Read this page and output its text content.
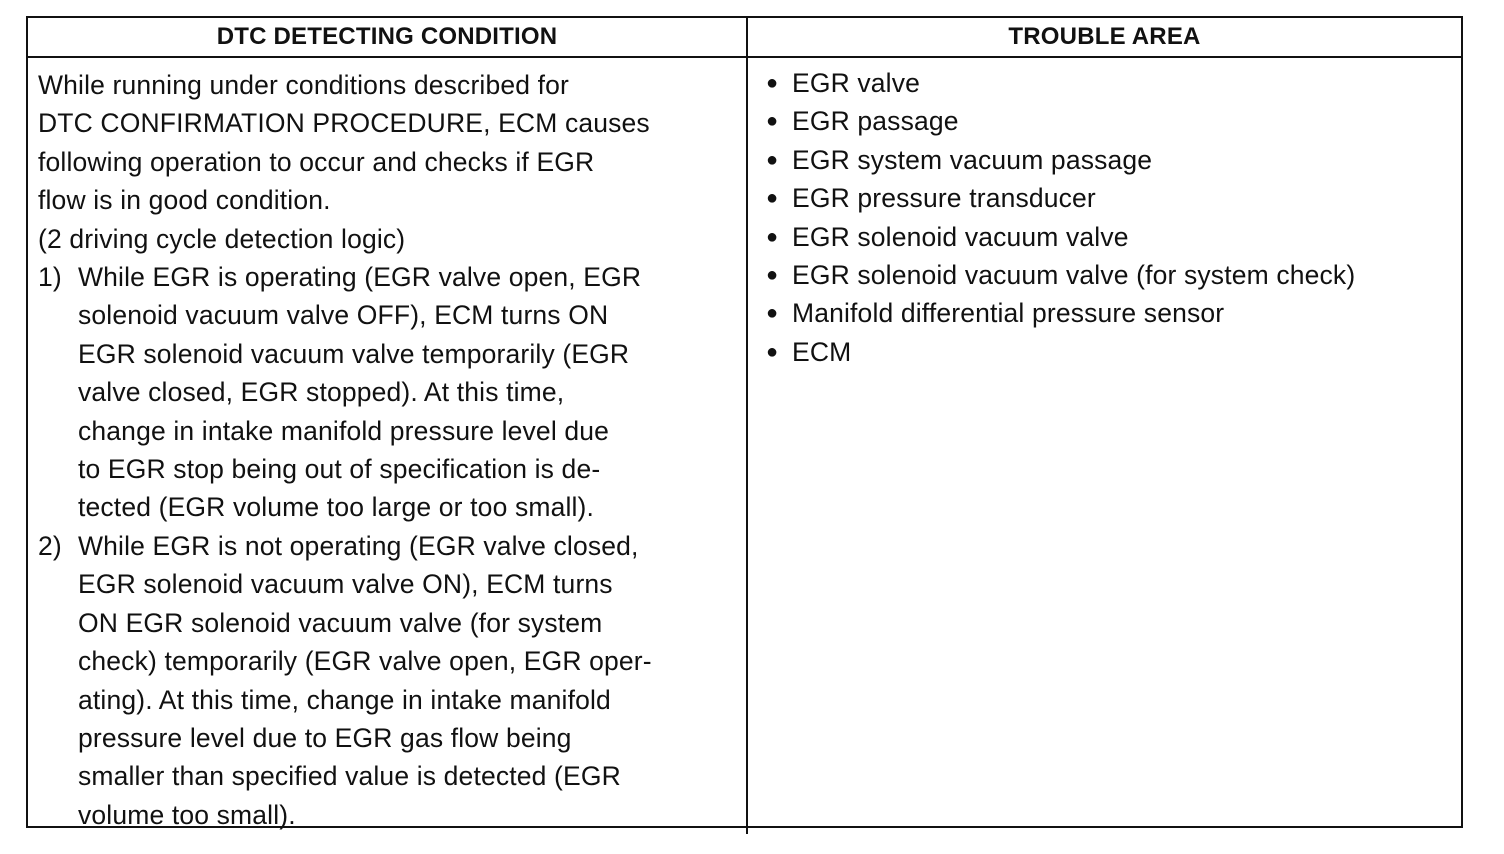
DTC DETECTING CONDITION	TROUBLE AREA
While running under conditions described for
DTC CONFIRMATION PROCEDURE, ECM causes
following operation to occur and checks if EGR
flow is in good condition.
(2 driving cycle detection logic)
1) While EGR is operating (EGR valve open, EGR
solenoid vacuum valve OFF), ECM turns ON
EGR solenoid vacuum valve temporarily (EGR
valve closed, EGR stopped). At this time,
change in intake manifold pressure level due
to EGR stop being out of specification is de-
tected (EGR volume too large or too small).
2) While EGR is not operating (EGR valve closed,
EGR solenoid vacuum valve ON), ECM turns
ON EGR solenoid vacuum valve (for system
check) temporarily (EGR valve open, EGR oper-
ating). At this time, change in intake manifold
pressure level due to EGR gas flow being
smaller than specified value is detected (EGR
volume too small).
● EGR valve
● EGR passage
● EGR system vacuum passage
● EGR pressure transducer
● EGR solenoid vacuum valve
● EGR solenoid vacuum valve (for system check)
● Manifold differential pressure sensor
● ECM
